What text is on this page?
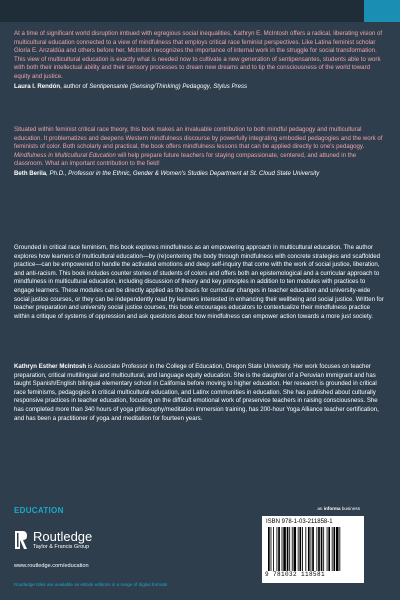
At a time of significant world disruption imbued with egregious social inequalities, Kathryn E. McIntosh offers a radical, liberating vision of multicultural education connected to a view of mindfulness that employs critical race feminist perspectives. Like Latina feminist scholar Gloria E. Anzaldúa and others before her, McIntosh recognizes the importance of internal work in the struggle for social transformation. This view of multicultural education is exactly what is needed now to cultivate a new generation of sentipensantes, students able to work with both their intellectual ability and their sensory processes to dream new dreams and to tip the consciousness of the world toward equity and justice.
Laura I. Rendón, author of Sentipensante (Sensing/Thinking) Pedagogy, Stylus Press
Situated within feminist critical race theory, this book makes an invaluable contribution to both mindful pedagogy and multicultural education. It problematizes and deepens Western mindfulness discourse by powerfully integrating embodied pedagogies and the work of feminists of color. Both scholarly and practical, the book offers mindfulness lessons that can be applied directly to one's pedagogy. Mindfulness in Multicultural Education will help prepare future teachers for staying compassionate, centered, and attuned in the classroom. What an important contribution to the field!
Beth Berila, Ph.D., Professor in the Ethnic, Gender & Women's Studies Department at St. Cloud State University
Grounded in critical race feminism, this book explores mindfulness as an empowering approach in multicultural education. The author explores how learners of multicultural education—by (re)centering the body through mindfulness with concrete strategies and scaffolded practice—can be empowered to handle the activated emotions and deep self-inquiry that come with the work of social justice, liberation, and anti-racism. This book includes counter stories of students of colors and offers both an epistemological and a curricular approach to mindfulness in multicultural education, including discussion of theory and key principles in addition to ten modules with practices to engage learners. These modules can be directly applied as the basis for curricular changes in teacher education and university-wide social justice courses, or they can be independently read by learners interested in enhancing their wellbeing and social justice. Written for teacher preparation and university social justice courses, this book encourages educators to contextualize their mindfulness practice within a critique of systems of oppression and ask questions about how mindfulness can empower action towards a more just society.
Kathryn Esther McIntosh is Associate Professor in the College of Education, Oregon State University. Her work focuses on teacher preparation, critical multilingual and multicultural, and language equity education. She is the daughter of a Peruvian immigrant and has taught Spanish/English bilingual elementary school in California before moving to higher education. Her research is grounded in critical race feminisms, pedagogies in critical multicultural education, and Latinx communities in education. She has published about culturally responsive practices in teacher education, focusing on the difficult emotional work of preservice teachers in raising consciousness. She has completed more than 340 hours of yoga philosophy/meditation immersion training, has 200-hour Yoga Alliance teacher certification, and has been a practitioner of yoga and meditation for fourteen years.
EDUCATION	an informa business
Routledge
Taylor & Francis Group
www.routledge.com/education
Routledge titles are available as eBook editions in a range of digital formats
ISBN 978-1-03-211858-1
9 781032 118581
